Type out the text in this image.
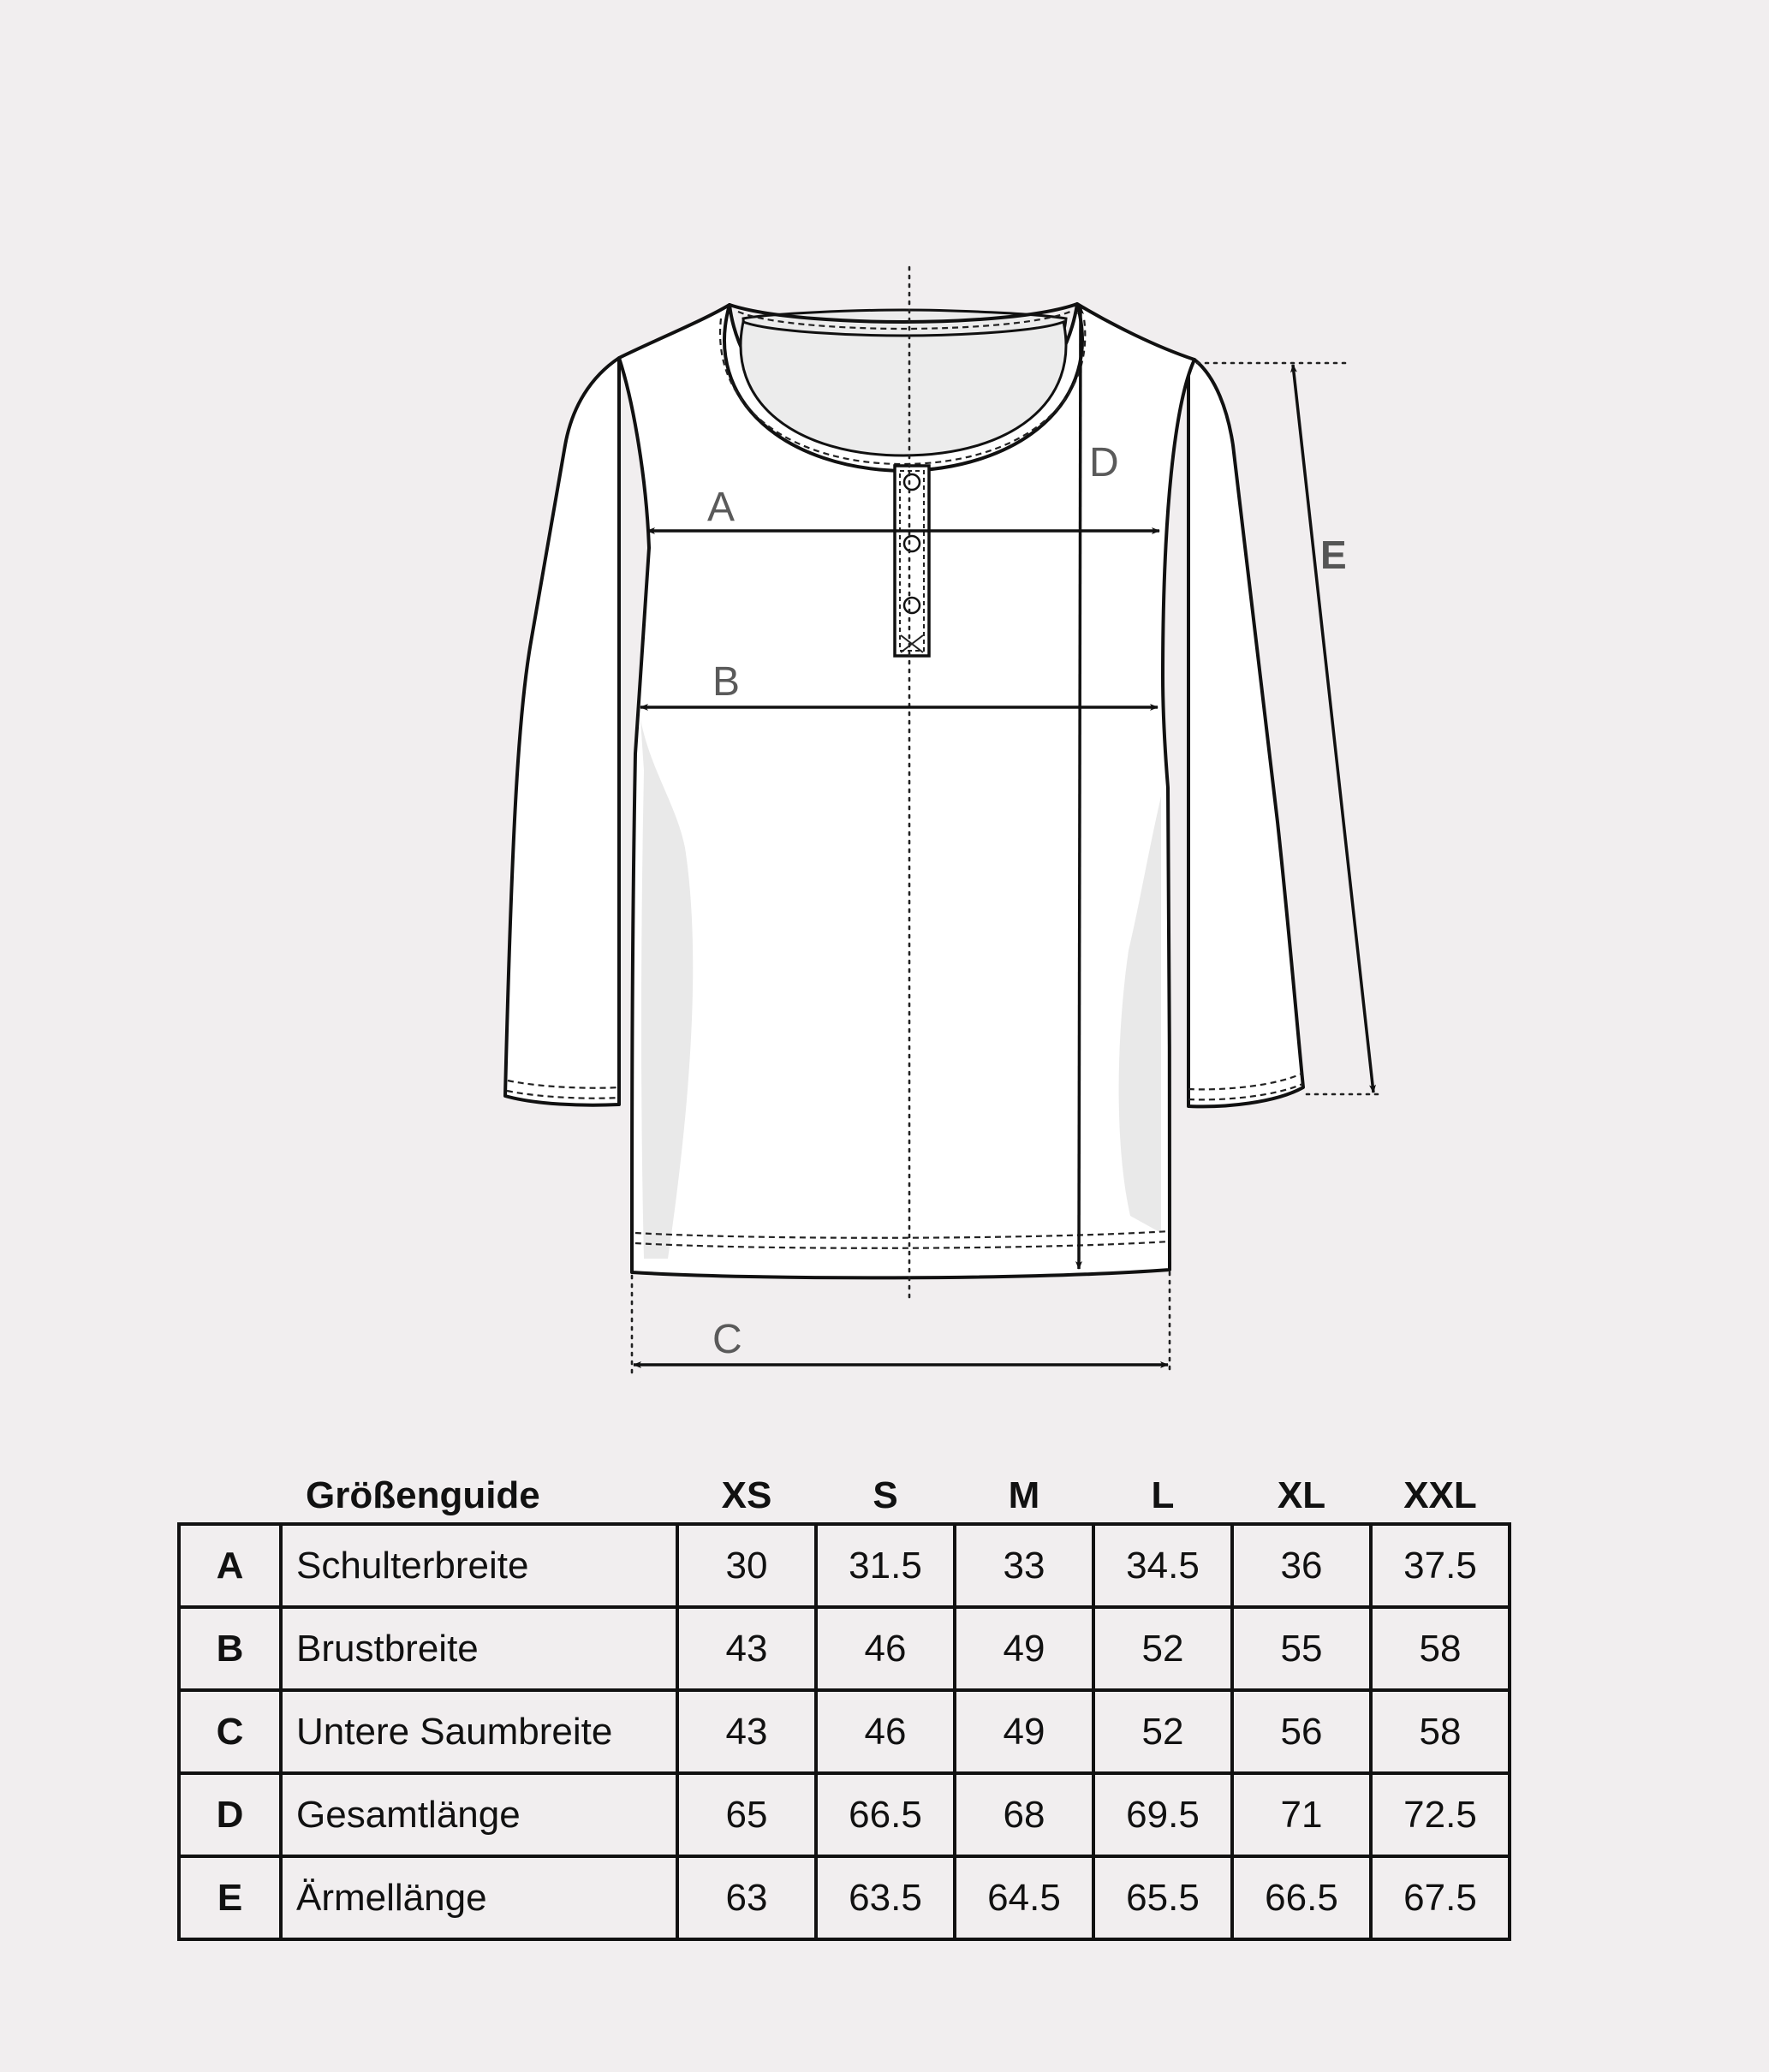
A
B
C
D
E
Größenguide		XS	S	M	L	XL	XXL
A	Schulterbreite	30	31.5	33	34.5	36	37.5
B	Brustbreite	43	46	49	52	55	58
C	Untere Saumbreite	43	46	49	52	56	58
D	Gesamtlänge	65	66.5	68	69.5	71	72.5
E	Ärmellänge	63	63.5	64.5	65.5	66.5	67.5
